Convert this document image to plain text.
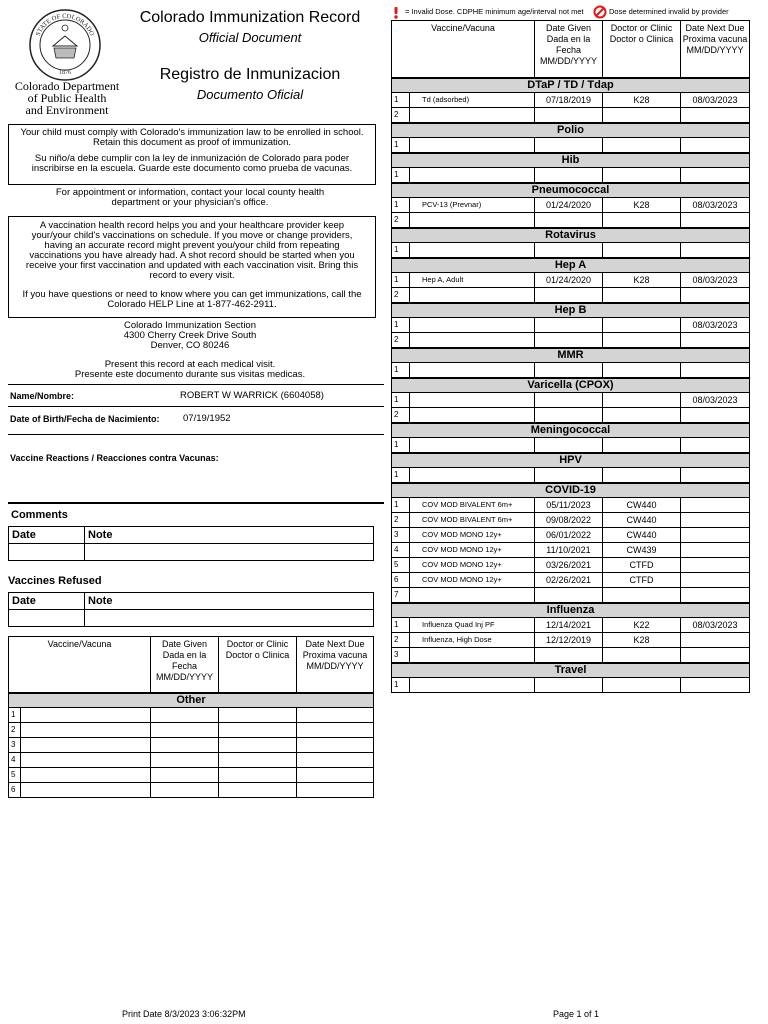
STATE OF COLORADO
1876
Colorado Department
of Public Health
and Environment
Colorado Immunization Record
Official Document
Registro de Inmunizacion
Documento Oficial
Your child must comply with Colorado's immunization law to be enrolled in school. Retain this document as proof of immunization.
Su niño/a debe cumplir con la ley de inmunización de Colorado para poder inscribirse en la escuela. Guarde este documento como prueba de vacunas.
For appointment or information, contact your local county health department or your physician's office.
A vaccination health record helps you and your healthcare provider keep your/your child's vaccinations on schedule. If you move or change providers, having an accurate record might prevent you/your child from repeating vaccinations you have already had. A shot record should be started when you receive your first vaccination and updated with each vaccination visit. Bring this record to every visit.
If you have questions or need to know where you can get immunizations, call the Colorado HELP Line at 1-877-462-2911.
Colorado Immunization Section
4300 Cherry Creek Drive South
Denver, CO 80246
Present this record at each medical visit.
Presente este documento durante sus visitas medicas.
Name/Nombre:	ROBERT W WARRICK (6604058)
Date of Birth/Fecha de Nacimiento: 07/19/1952
Vaccine Reactions / Reacciones contra Vacunas:
Comments
Date	Note

Vaccines Refused
Date	Note

Vaccine/Vacuna		Date Given Dada en la Fecha MM/DD/YYYY	Doctor or Clinic Doctor o Clinica	Date Next Due Proxima vacuna MM/DD/YYYY
Other				
1				
2				
3				
4				
5				
6				
= Invalid Dose. CDPHE minimum age/interval not met	Dose determined invalid by provider
Vaccine/Vacuna		Date Given Dada en la Fecha MM/DD/YYYY	Doctor or Clinic Doctor o Clinica	Date Next Due Proxima vacuna MM/DD/YYYY
DTaP / TD / Tdap				
1	Td (adsorbed)	07/18/2019	K28	08/03/2023
2				
Polio				
1				
Hib				
1				
Pneumococcal				
1	PCV-13 (Prevnar)	01/24/2020	K28	08/03/2023
2				
Rotavirus				
1				
Hep A				
1	Hep A, Adult	01/24/2020	K28	08/03/2023
2				
Hep B				
1				08/03/2023
2				
MMR				
1				
Varicella (CPOX)				
1				08/03/2023
2				
Meningococcal				
1				
HPV				
1				
COVID-19				
1	COV MOD BIVALENT 6m+	05/11/2023	CW440	
2	COV MOD BIVALENT 6m+	09/08/2022	CW440	
3	COV MOD MONO 12y+	06/01/2022	CW440	
4	COV MOD MONO 12y+	11/10/2021	CW439	
5	COV MOD MONO 12y+	03/26/2021	CTFD	
6	COV MOD MONO 12y+	02/26/2021	CTFD	
7				
Influenza				
1	Influenza Quad Inj PF	12/14/2021	K22	08/03/2023
2	Influenza, High Dose	12/12/2019	K28	
3				
Travel				
1				
Print Date 8/3/2023 3:06:32PM	Page 1 of 1
